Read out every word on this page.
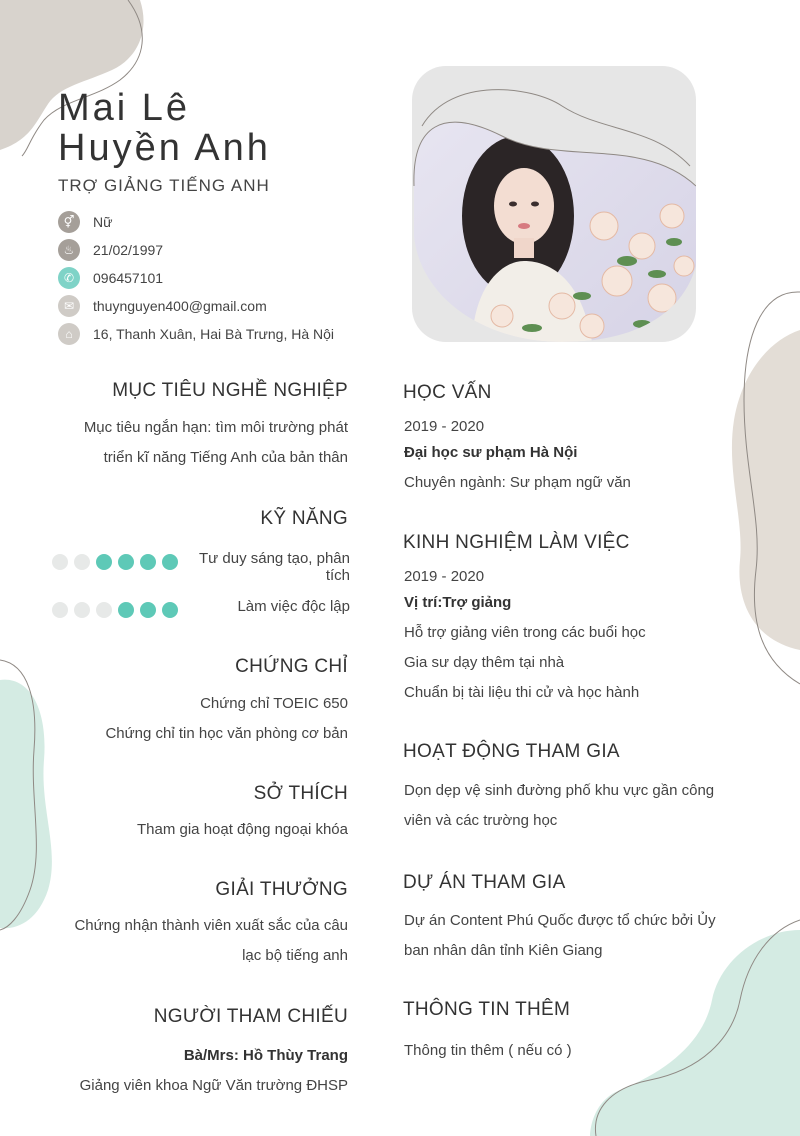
Mai Lê
Huyền Anh
TRỢ GIẢNG TIẾNG ANH
⚥	Nữ
♨	21/02/1997
✆	096457101
✉	thuynguyen400@gmail.com
⌂	16, Thanh Xuân, Hai Bà Trưng, Hà Nội
MỤC TIÊU NGHỀ NGHIỆP
Mục tiêu ngắn hạn: tìm môi trường phát
triển kĩ năng Tiếng Anh của bản thân
KỸ NĂNG
Tư duy sáng tạo, phân
tích
Làm việc độc lập
CHỨNG CHỈ
Chứng chỉ TOEIC 650
Chứng chỉ tin học văn phòng cơ bản
SỞ THÍCH
Tham gia hoạt động ngoại khóa
GIẢI THƯỞNG
Chứng nhận thành viên xuất sắc của câu
lạc bộ tiếng anh
NGƯỜI THAM CHIẾU
Bà/Mrs: Hồ Thùy Trang
Giảng viên khoa Ngữ Văn trường ĐHSP
HỌC VẤN
2019 - 2020
Đại học sư phạm Hà Nội
Chuyên ngành: Sư phạm ngữ văn
KINH NGHIỆM LÀM VIỆC
2019 - 2020
Vị trí:Trợ giảng
Hỗ trợ giảng viên trong các buổi học
Gia sư dạy thêm tại nhà
Chuẩn bị tài liệu thi cử và học hành
HOẠT ĐỘNG THAM GIA
Dọn dẹp vệ sinh đường phố khu vực gần công
viên và các trường học
DỰ ÁN THAM GIA
Dự án Content Phú Quốc được tổ chức bởi Ủy
ban nhân dân tỉnh Kiên Giang
THÔNG TIN THÊM
Thông tin thêm ( nếu có )
